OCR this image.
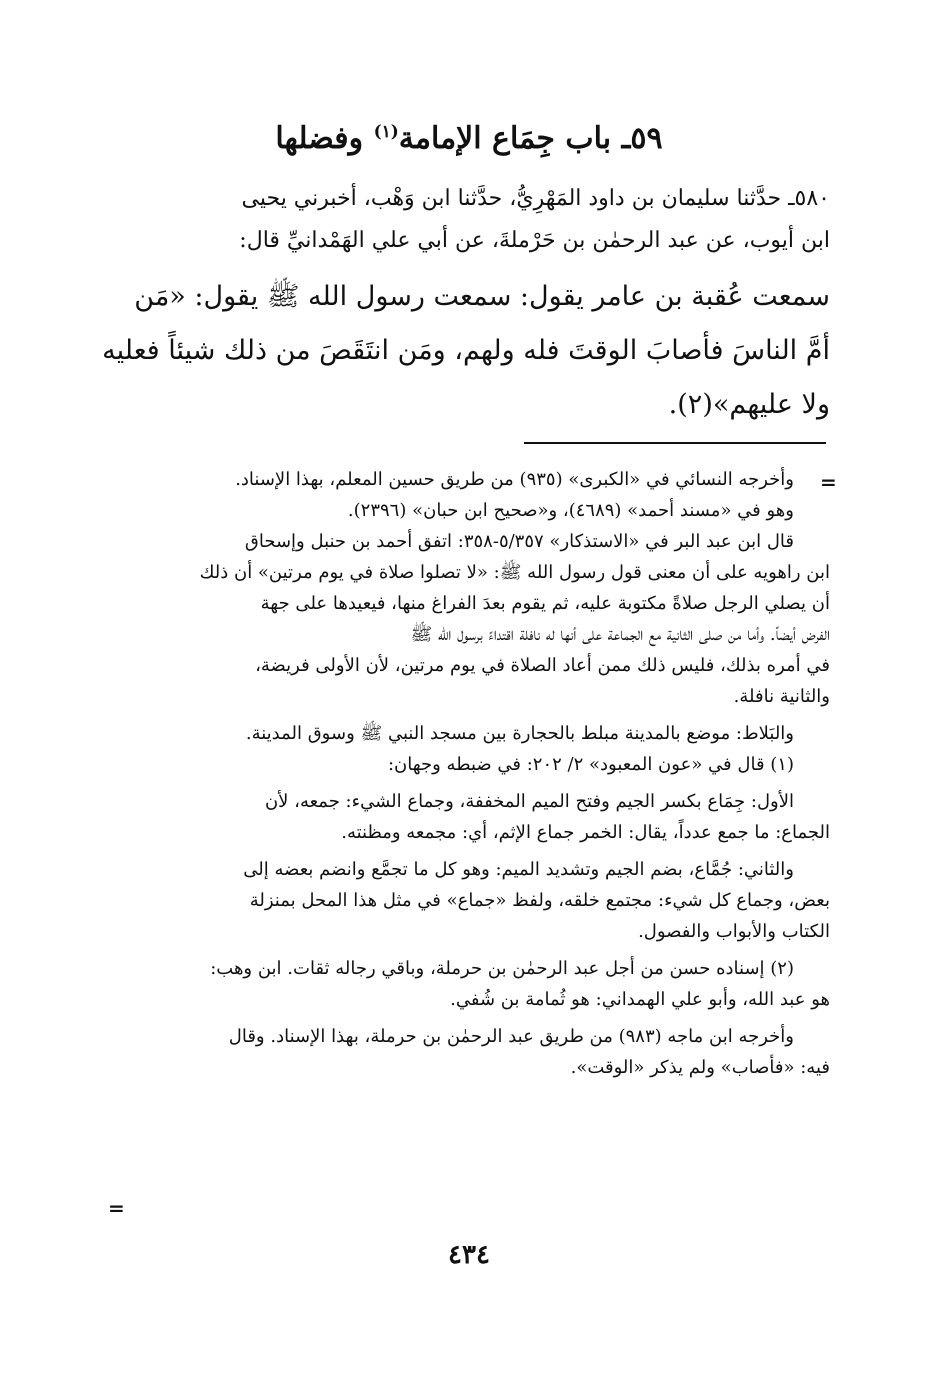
٥٩ـ باب جِمَاع الإمامة$^{(١)}$ وفضلها
٥٨٠ـ حدَّثنا سليمان بن داود المَهْرِيُّ، حدَّثنا ابن وَهْب، أخبرني يحيى
ابن أيوب، عن عبد الرحمٰن بن حَرْملةَ، عن أبي علي الهَمْدانيِّ قال:
سمعت عُقبة بن عامر يقول: سمعت رسول الله ﷺ يقول: «مَن
أمَّ الناسَ فأصابَ الوقتَ فله ولهم، ومَن انتَقَصَ من ذلك شيئاً فعليه
ولا عليهم»(٢).
=
وأخرجه النسائي في «الكبرى» (٩٣٥) من طريق حسين المعلم، بهذا الإسناد.
وهو في «مسند أحمد» (٤٦٨٩)، و«صحيح ابن حبان» (٢٣٩٦).
قال ابن عبد البر في «الاستذكار» ٥/٣٥٧-٣٥٨: اتفق أحمد بن حنبل وإسحاق
ابن راهويه على أن معنى قول رسول الله ﷺ: «لا تصلوا صلاة في يوم مرتين» أن ذلك
أن يصلي الرجل صلاةً مكتوبة عليه، ثم يقوم بعدَ الفراغ منها، فيعيدها على جهة
الفرض أيضاً. وأما من صلى الثانية مع الجماعة على أنها له نافلة اقتداءً برسول الله ﷺ
في أمره بذلك، فليس ذلك ممن أعاد الصلاة في يوم مرتين، لأن الأولى فريضة،
والثانية نافلة.
والبَلاط: موضع بالمدينة مبلط بالحجارة بين مسجد النبي ﷺ وسوق المدينة.
(١) قال في «عون المعبود» ٢/ ٢٠٢: في ضبطه وجهان:
الأول: جِمَاع بكسر الجيم وفتح الميم المخففة، وجماع الشيء: جمعه، لأن
الجماع: ما جمع عدداً، يقال: الخمر جماع الإثم، أي: مجمعه ومظنته.
والثاني: جُمَّاع، بضم الجيم وتشديد الميم: وهو كل ما تجمَّع وانضم بعضه إلى
بعض، وجماع كل شيء: مجتمع خلقه، ولفظ «جماع» في مثل هذا المحل بمنزلة
الكتاب والأبواب والفصول.
(٢) إسناده حسن من أجل عبد الرحمٰن بن حرملة، وباقي رجاله ثقات. ابن وهب:
هو عبد الله، وأبو علي الهمداني: هو ثُمامة بن شُفي.
وأخرجه ابن ماجه (٩٨٣) من طريق عبد الرحمٰن بن حرملة، بهذا الإسناد. وقال
فيه: «فأصاب» ولم يذكر «الوقت».
=
٤٣٤
